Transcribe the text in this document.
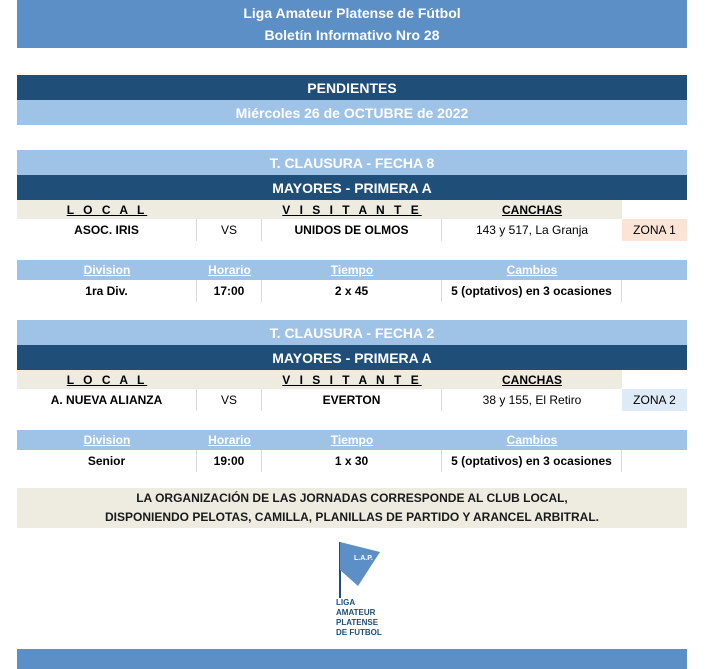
Liga Amateur Platense de Fútbol
Boletín Informativo Nro 28
PENDIENTES
Miércoles 26 de OCTUBRE de 2022
T. CLAUSURA - FECHA 8
MAYORES - PRIMERA A
L O C A L	V I S I T A N T E	CANCHAS
ASOC. IRIS	VS	UNIDOS DE OLMOS	143 y 517, La Granja	ZONA 1
Division	Horario	Tiempo	Cambios
1ra Div.	17:00	2 x 45	5 (optativos) en 3 ocasiones
T. CLAUSURA - FECHA 2
MAYORES - PRIMERA A
L O C A L	V I S I T A N T E	CANCHAS
A. NUEVA ALIANZA	VS	EVERTON	38 y 155, El Retiro	ZONA 2
Division	Horario	Tiempo	Cambios
Senior	19:00	1 x 30	5 (optativos) en 3 ocasiones
LA ORGANIZACIÓN DE LAS JORNADAS CORRESPONDE AL CLUB LOCAL,
DISPONIENDO PELOTAS, CAMILLA, PLANILLAS DE PARTIDO Y ARANCEL ARBITRAL.
L.A.P.
LIGA
AMATEUR
PLATENSE
DE FUTBOL
